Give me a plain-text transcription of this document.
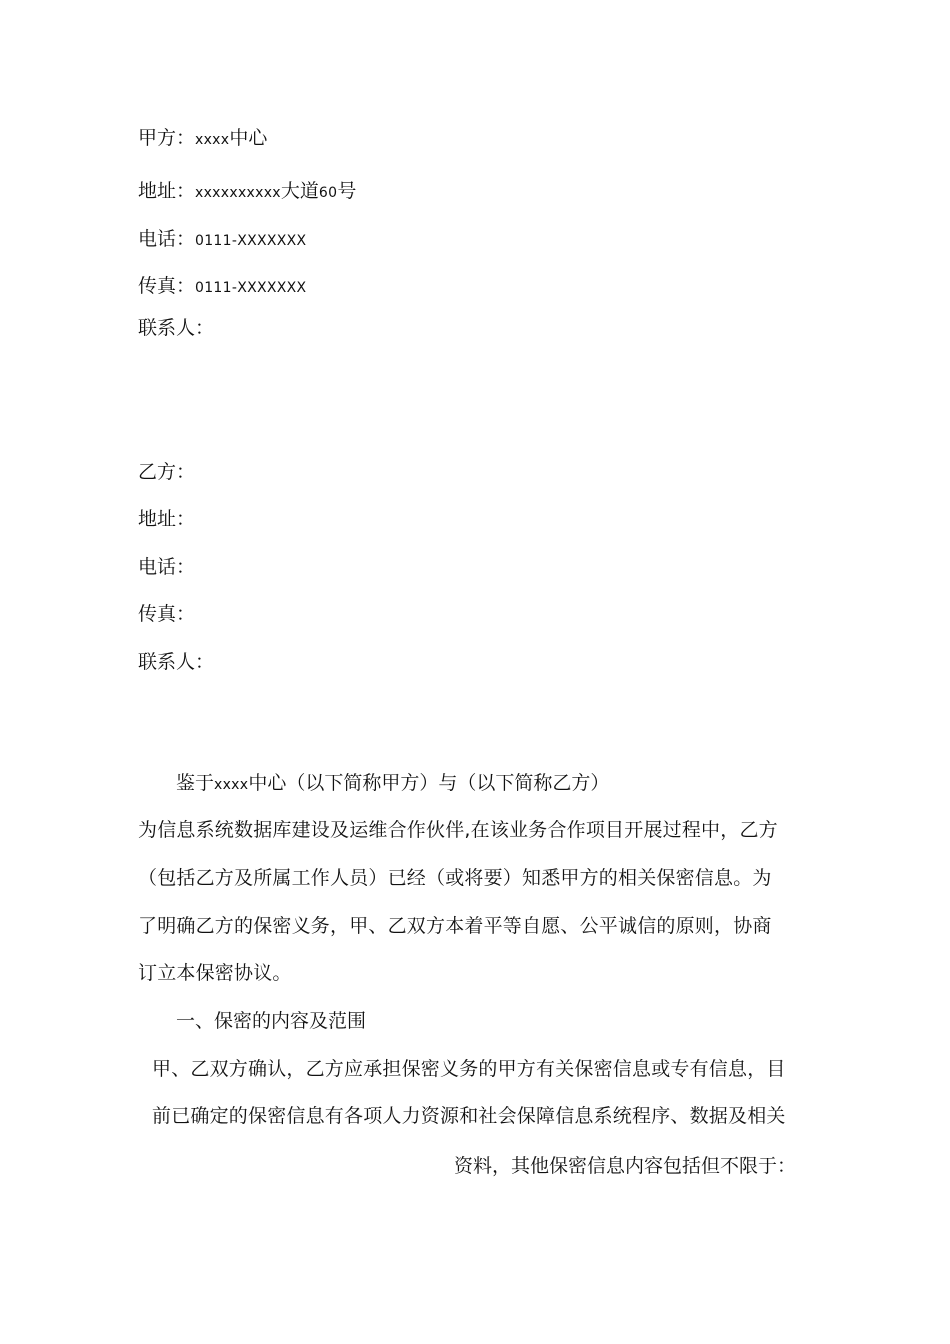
甲方：xxxx中心
地址：xxxxxxxxxx大道60号
电话：0111-XXXXXXX
传真：0111-XXXXXXX
联系人：
乙方：
地址：
电话：
传真：
联系人：
鉴于xxxx中心（以下简称甲方）与（以下简称乙方）
为信息系统数据库建设及运维合作伙伴,在该业务合作项目开展过程中，乙方
（包括乙方及所属工作人员）已经（或将要）知悉甲方的相关保密信息。为
了明确乙方的保密义务，甲、乙双方本着平等自愿、公平诚信的原则，协商
订立本保密协议。
一、保密的内容及范围
甲、乙双方确认，乙方应承担保密义务的甲方有关保密信息或专有信息，目
前已确定的保密信息有各项人力资源和社会保障信息系统程序、数据及相关
资料，其他保密信息内容包括但不限于：
